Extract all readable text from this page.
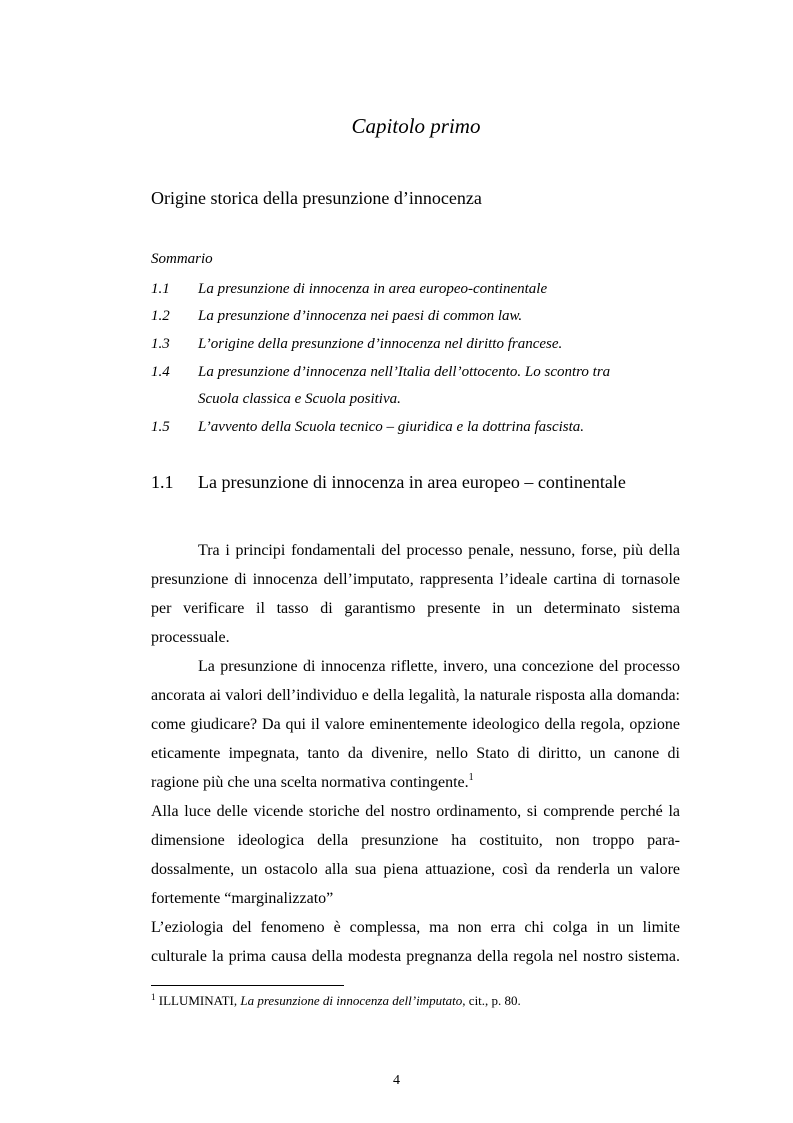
Capitolo primo
Origine storica della presunzione d’innocenza
Sommario
1.1 La presunzione di innocenza in area europeo-continentale
1.2 La presunzione d’innocenza nei paesi di common law.
1.3 L’origine della presunzione d’innocenza nel diritto francese.
1.4 La presunzione d’innocenza nell’Italia dell’ottocento. Lo scontro tra
Scuola classica e Scuola positiva.
1.5 L’avvento della Scuola tecnico – giuridica e la dottrina fascista.
1.1 La presunzione di innocenza in area europeo – continentale

Tra i principi fondamentali del processo penale, nessuno, forse, più della presunzione di innocenza dell’imputato, rappresenta l’ideale cartina di tornasole per verificare il tasso di garantismo presente in un determinato sistema processuale.

La presunzione di innocenza riflette, invero, una concezione del processo ancorata ai valori dell’individuo e della legalità, la naturale risposta alla domanda: come giudicare? Da qui il valore eminentemente ideologico della regola, opzione eticamente impegnata, tanto da divenire, nello Stato di diritto, un canone di ragione più che una scelta normativa contingente.$^1$

Alla luce delle vicende storiche del nostro ordinamento, si comprende perché la dimensione ideologica della presunzione ha costituito, non troppo para-dossalmente, un ostacolo alla sua piena attuazione, così da renderla un valore fortemente “marginalizzato”

L’eziologia del fenomeno è complessa, ma non erra chi colga in un limite culturale la prima causa della modesta pregnanza della regola nel nostro sistema.

$^1$ ILLUMINATI, La presunzione di innocenza dell’imputato, cit., p. 80.
4
